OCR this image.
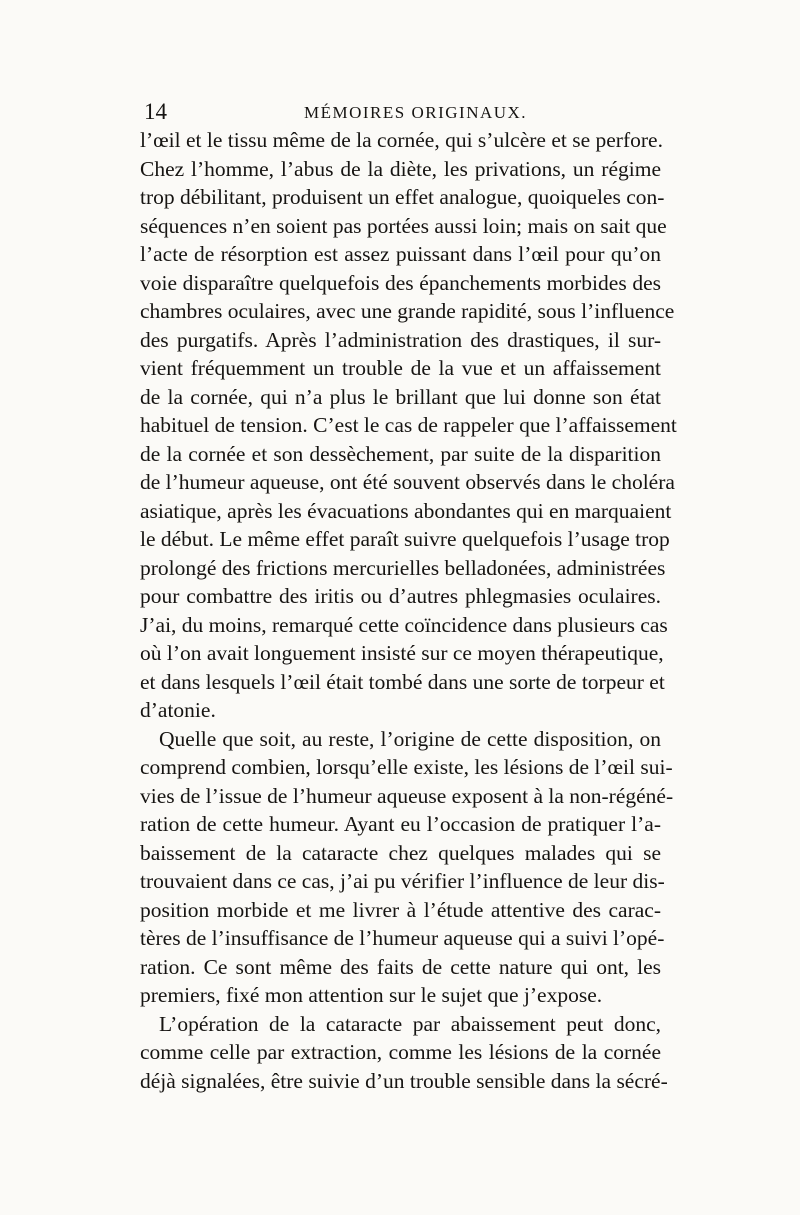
14	MÉMOIRES ORIGINAUX.
l’œil et le tissu même de la cornée, qui s’ulcère et se perfore.
Chez l’homme, l’abus de la diète, les privations, un régime
trop débilitant, produisent un effet analogue, quoiqueles con-
séquences n’en soient pas portées aussi loin; mais on sait que
l’acte de résorption est assez puissant dans l’œil pour qu’on
voie disparaître quelquefois des épanchements morbides des
chambres oculaires, avec une grande rapidité, sous l’influence
des purgatifs. Après l’administration des drastiques, il sur-
vient fréquemment un trouble de la vue et un affaissement
de la cornée, qui n’a plus le brillant que lui donne son état
habituel de tension. C’est le cas de rappeler que l’affaissement
de la cornée et son dessèchement, par suite de la disparition
de l’humeur aqueuse, ont été souvent observés dans le choléra
asiatique, après les évacuations abondantes qui en marquaient
le début. Le même effet paraît suivre quelquefois l’usage trop
prolongé des frictions mercurielles belladonées, administrées
pour combattre des iritis ou d’autres phlegmasies oculaires.
J’ai, du moins, remarqué cette coïncidence dans plusieurs cas
où l’on avait longuement insisté sur ce moyen thérapeutique,
et dans lesquels l’œil était tombé dans une sorte de torpeur et
d’atonie.
Quelle que soit, au reste, l’origine de cette disposition, on
comprend combien, lorsqu’elle existe, les lésions de l’œil sui-
vies de l’issue de l’humeur aqueuse exposent à la non-régéné-
ration de cette humeur. Ayant eu l’occasion de pratiquer l’a-
baissement de la cataracte chez quelques malades qui se
trouvaient dans ce cas, j’ai pu vérifier l’influence de leur dis-
position morbide et me livrer à l’étude attentive des carac-
tères de l’insuffisance de l’humeur aqueuse qui a suivi l’opé-
ration. Ce sont même des faits de cette nature qui ont, les
premiers, fixé mon attention sur le sujet que j’expose.
L’opération de la cataracte par abaissement peut donc,
comme celle par extraction, comme les lésions de la cornée
déjà signalées, être suivie d’un trouble sensible dans la sécré-
